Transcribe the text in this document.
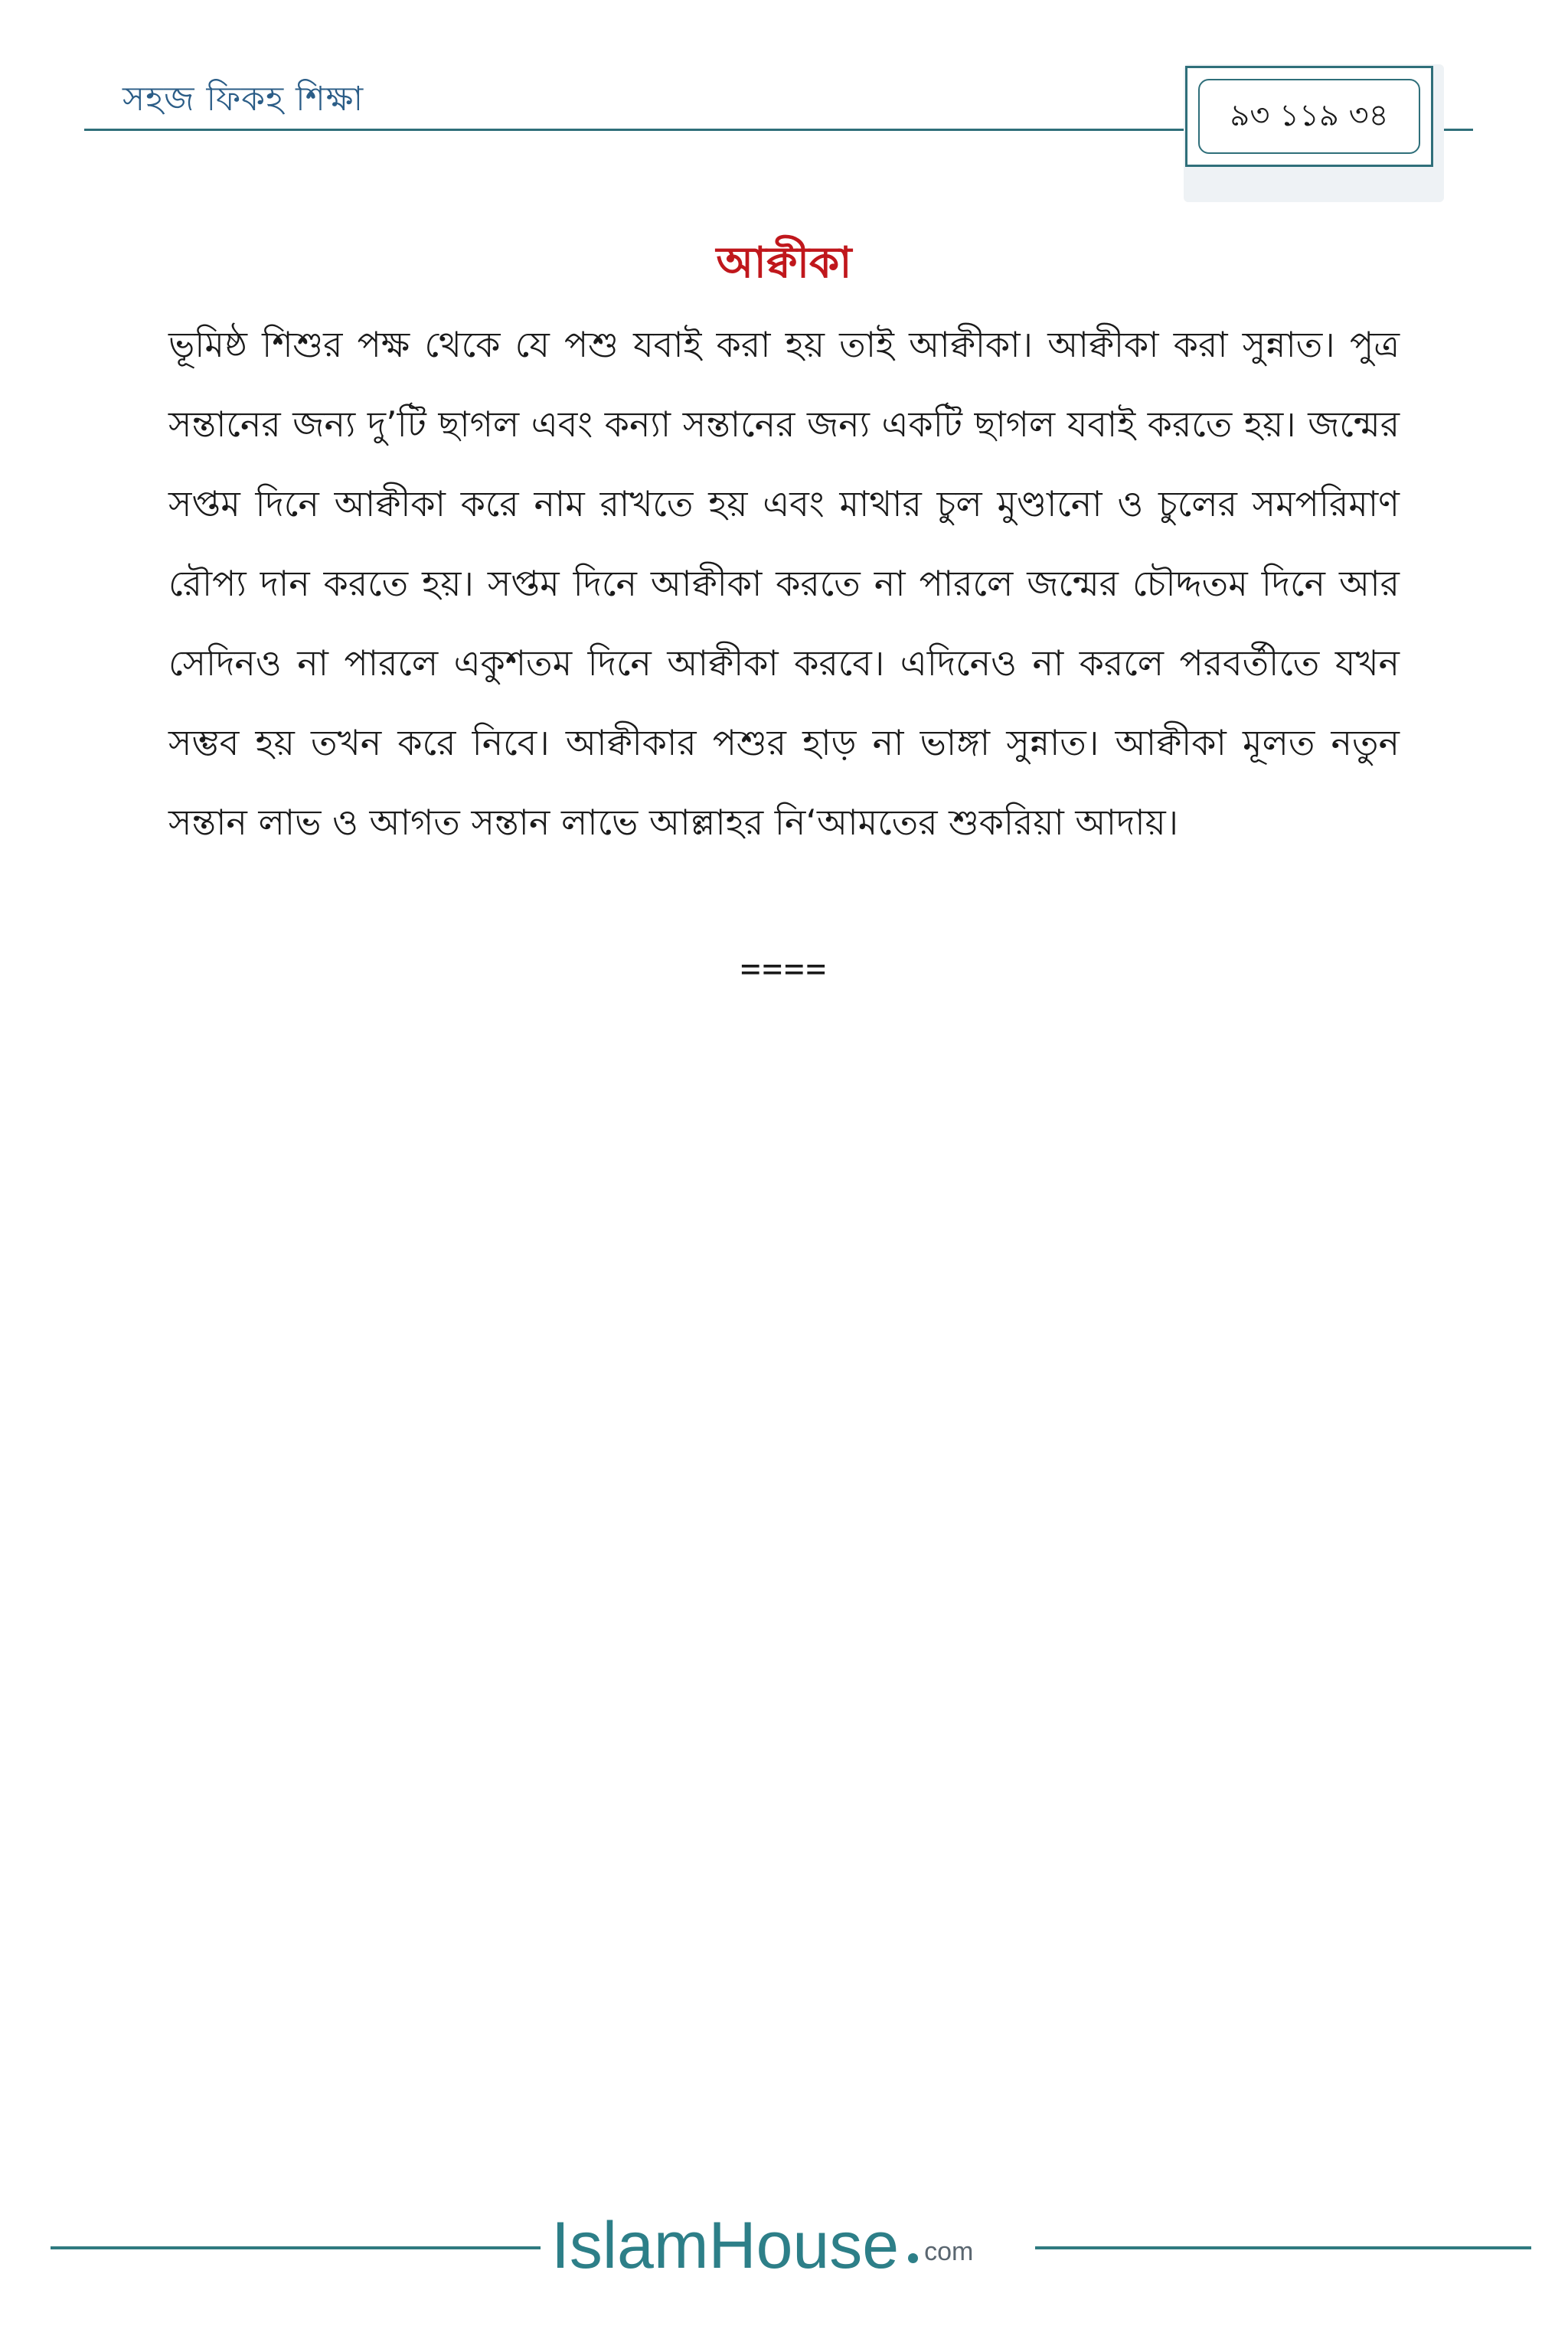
সহজ ফিকহ শিক্ষা	৯৩ ১১৯ ৩৪
আক্বীকা

ভূমিষ্ঠ শিশুর পক্ষ থেকে যে পশু যবাই করা হয় তাই আক্বীকা। আক্বীকা করা সুন্নাত। পুত্র সন্তানের জন্য দু’টি ছাগল এবং কন্যা সন্তানের জন্য একটি ছাগল যবাই করতে হয়। জন্মের সপ্তম দিনে আক্বীকা করে নাম রাখতে হয় এবং মাথার চুল মুণ্ডানো ও চুলের সমপরিমাণ রৌপ্য দান করতে হয়। সপ্তম দিনে আক্বীকা করতে না পারলে জন্মের চৌদ্দতম দিনে আর সেদিনও না পারলে একুশতম দিনে আক্বীকা করবে। এদিনেও না করলে পরবর্তীতে যখন সম্ভব হয় তখন করে নিবে। আক্বীকার পশুর হাড় না ভাঙ্গা সুন্নাত। আক্বীকা মূলত নতুন সন্তান লাভ ও আগত সন্তান লাভে আল্লাহর নি‘আমতের শুকরিয়া আদায়।

====
IslamHouse com
